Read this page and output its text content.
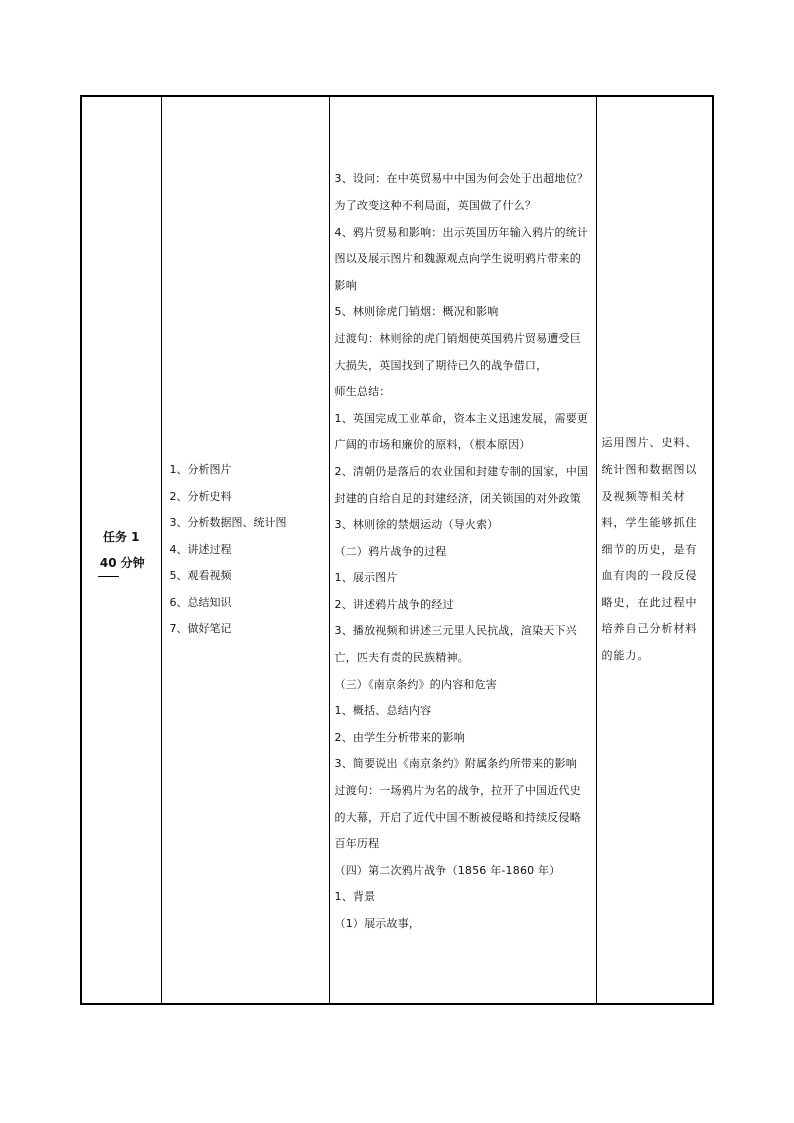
任务 1
40 分钟

1、分析图片
2、分析史料
3、分析数据图、统计图
4、讲述过程
5、观看视频
6、总结知识
7、做好笔记

3、设问：在中英贸易中中国为何会处于出超地位？为了改变这种不利局面，英国做了什么？
4、鸦片贸易和影响：出示英国历年输入鸦片的统计图以及展示图片和魏源观点向学生说明鸦片带来的影响
5、林则徐虎门销烟：概况和影响
过渡句：林则徐的虎门销烟使英国鸦片贸易遭受巨大损失，英国找到了期待已久的战争借口，
师生总结：
1、英国完成工业革命，资本主义迅速发展，需要更广阔的市场和廉价的原料，（根本原因）
2、清朝仍是落后的农业国和封建专制的国家，中国封建的自给自足的封建经济，闭关锁国的对外政策
3、林则徐的禁烟运动（导火索）
（二）鸦片战争的过程
1、展示图片
2、讲述鸦片战争的经过
3、播放视频和讲述三元里人民抗战，渲染天下兴亡，匹夫有责的民族精神。
（三）《南京条约》的内容和危害
1、概括、总结内容
2、由学生分析带来的影响
3、简要说出《南京条约》附属条约所带来的影响
过渡句：一场鸦片为名的战争，拉开了中国近代史的大幕，开启了近代中国不断被侵略和持续反侵略百年历程
（四）第二次鸦片战争（1856 年-1860 年）
1、背景
（1）展示故事，

运用图片、史料、统计图和数据图以及视频等相关材料，学生能够抓住细节的历史，是有血有肉的一段反侵略史，在此过程中培养自己分析材料的能力。
